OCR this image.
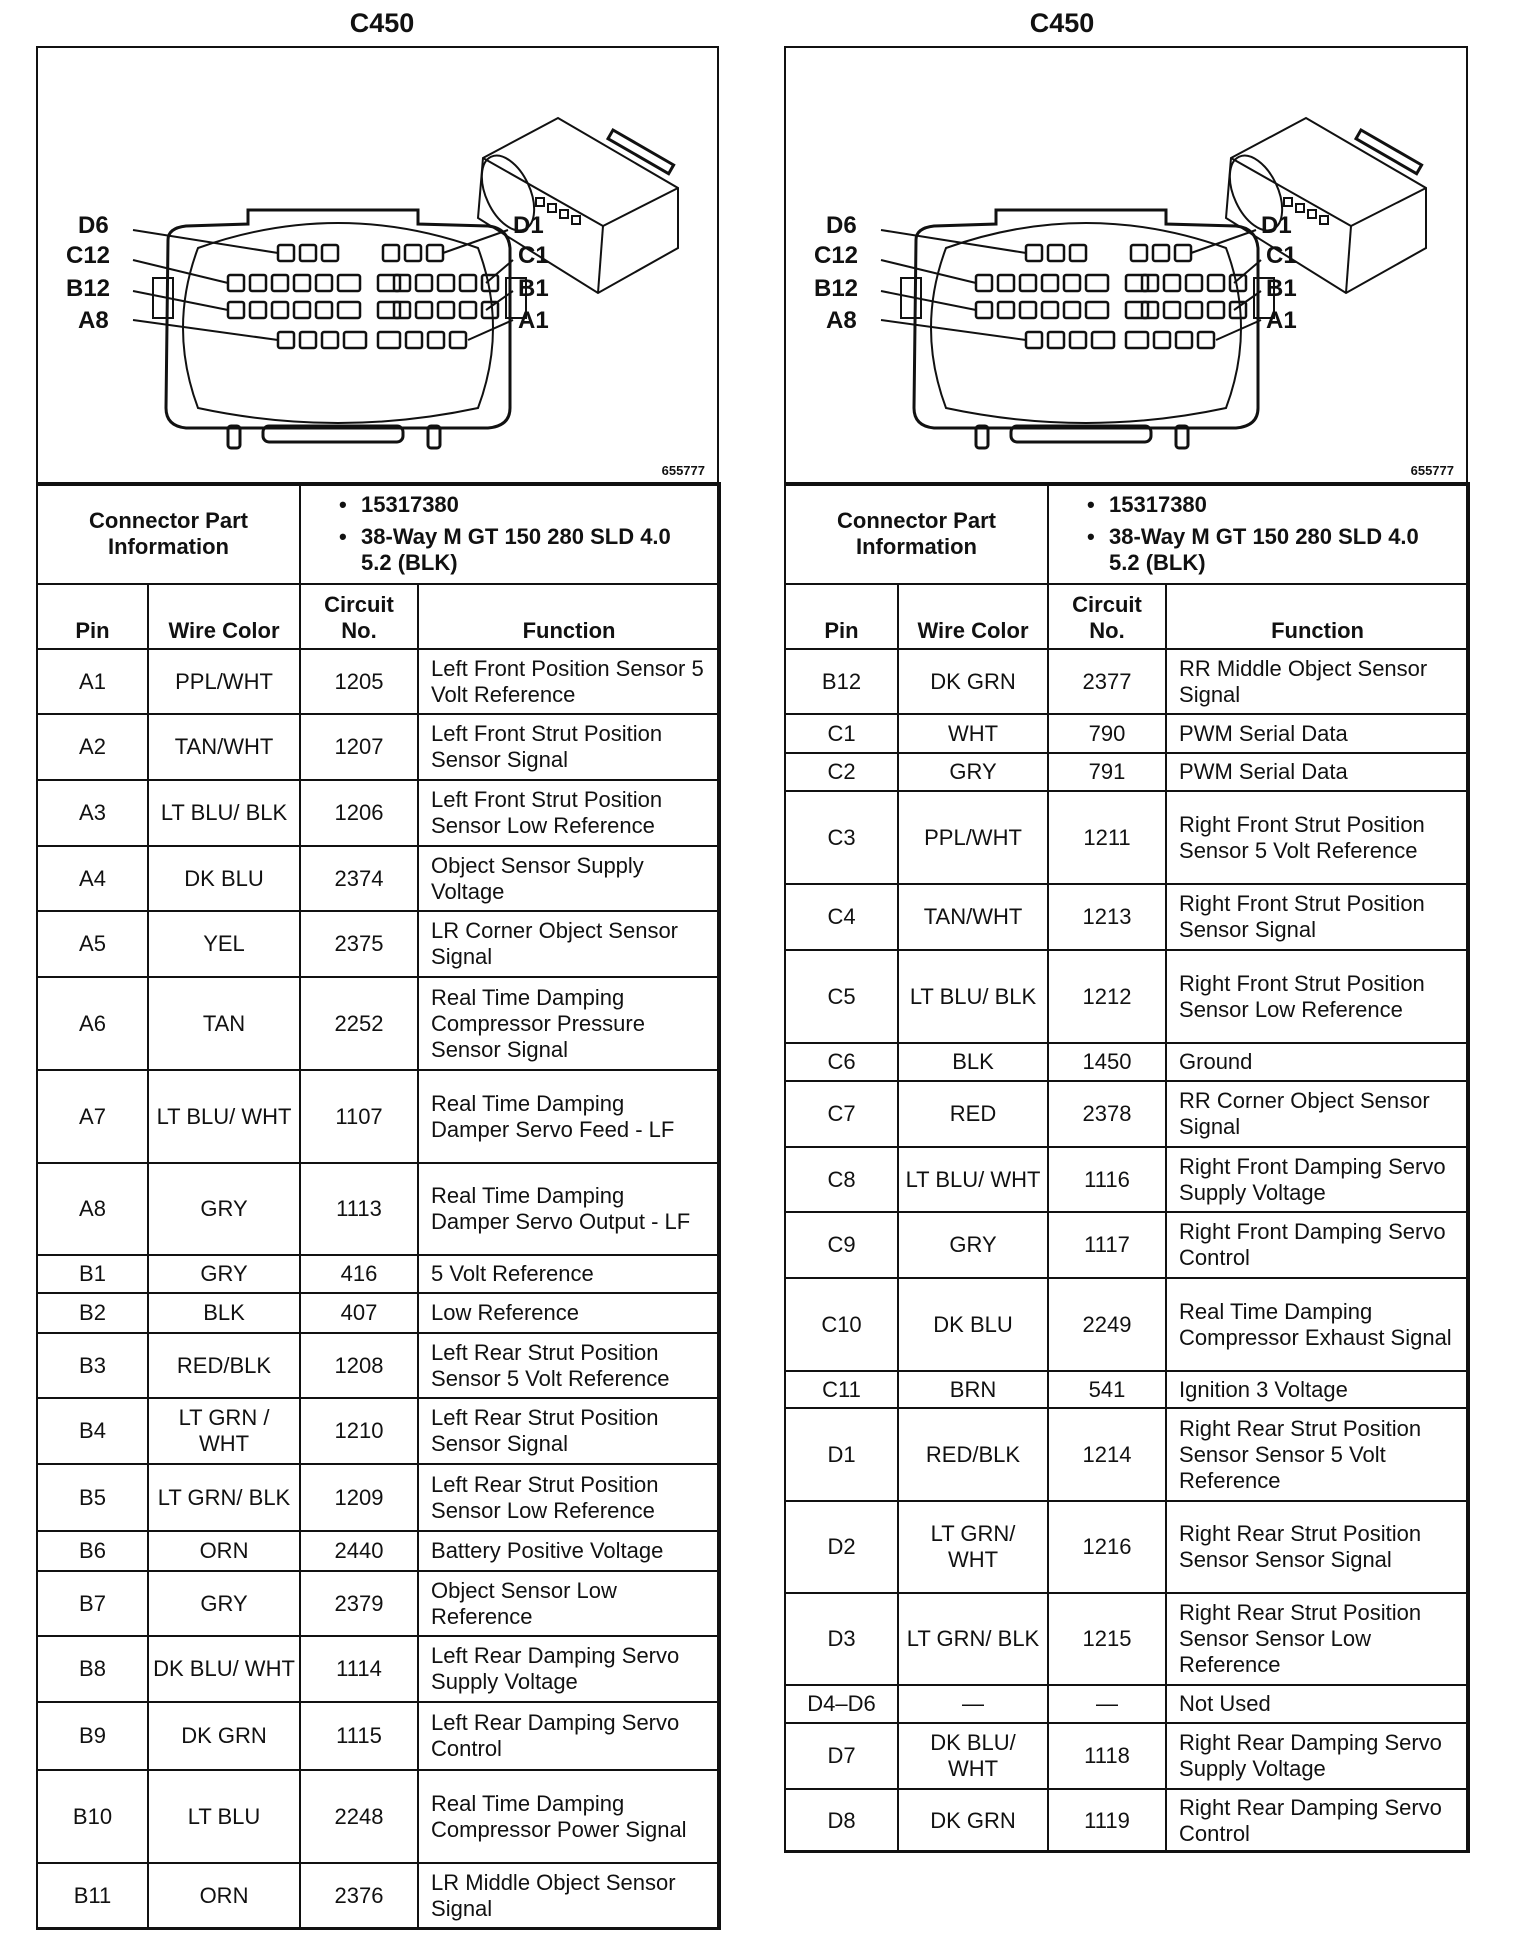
C450
D6
C12
B12
A8
D1
C1
B1
A1
655777
Connector Part Information		• 15317380
• 38-Way M GT 150 280 SLD 4.0 5.2 (BLK)

Pin	Wire Color	Circuit No.	Function
A1	PPL/WHT	1205	Left Front Position Sensor 5 Volt Reference
A2	TAN/WHT	1207	Left Front Strut Position Sensor Signal
A3	LT BLU/ BLK	1206	Left Front Strut Position Sensor Low Reference
A4	DK BLU	2374	Object Sensor Supply Voltage
A5	YEL	2375	LR Corner Object Sensor Signal
A6	TAN	2252	Real Time Damping Compressor Pressure Sensor Signal
A7	LT BLU/ WHT	1107	Real Time Damping Damper Servo Feed - LF
A8	GRY	1113	Real Time Damping Damper Servo Output - LF
B1	GRY	416	5 Volt Reference
B2	BLK	407	Low Reference
B3	RED/BLK	1208	Left Rear Strut Position Sensor 5 Volt Reference
B4	LT GRN / WHT	1210	Left Rear Strut Position Sensor Signal
B5	LT GRN/ BLK	1209	Left Rear Strut Position Sensor Low Reference
B6	ORN	2440	Battery Positive Voltage
B7	GRY	2379	Object Sensor Low Reference
B8	DK BLU/ WHT	1114	Left Rear Damping Servo Supply Voltage
B9	DK GRN	1115	Left Rear Damping Servo Control
B10	LT BLU	2248	Real Time Damping Compressor Power Signal
B11	ORN	2376	LR Middle Object Sensor Signal
C450
D6
C12
B12
A8
D1
C1
B1
A1
655777
Connector Part Information		• 15317380
• 38-Way M GT 150 280 SLD 4.0 5.2 (BLK)

Pin	Wire Color	Circuit No.	Function
B12	DK GRN	2377	RR Middle Object Sensor Signal
C1	WHT	790	PWM Serial Data
C2	GRY	791	PWM Serial Data
C3	PPL/WHT	1211	Right Front Strut Position Sensor 5 Volt Reference
C4	TAN/WHT	1213	Right Front Strut Position Sensor Signal
C5	LT BLU/ BLK	1212	Right Front Strut Position Sensor Low Reference
C6	BLK	1450	Ground
C7	RED	2378	RR Corner Object Sensor Signal
C8	LT BLU/ WHT	1116	Right Front Damping Servo Supply Voltage
C9	GRY	1117	Right Front Damping Servo Control
C10	DK BLU	2249	Real Time Damping Compressor Exhaust Signal
C11	BRN	541	Ignition 3 Voltage
D1	RED/BLK	1214	Right Rear Strut Position Sensor Sensor 5 Volt Reference
D2	LT GRN/ WHT	1216	Right Rear Strut Position Sensor Sensor Signal
D3	LT GRN/ BLK	1215	Right Rear Strut Position Sensor Sensor Low Reference
D4–D6	—	—	Not Used
D7	DK BLU/ WHT	1118	Right Rear Damping Servo Supply Voltage
D8	DK GRN	1119	Right Rear Damping Servo Control
